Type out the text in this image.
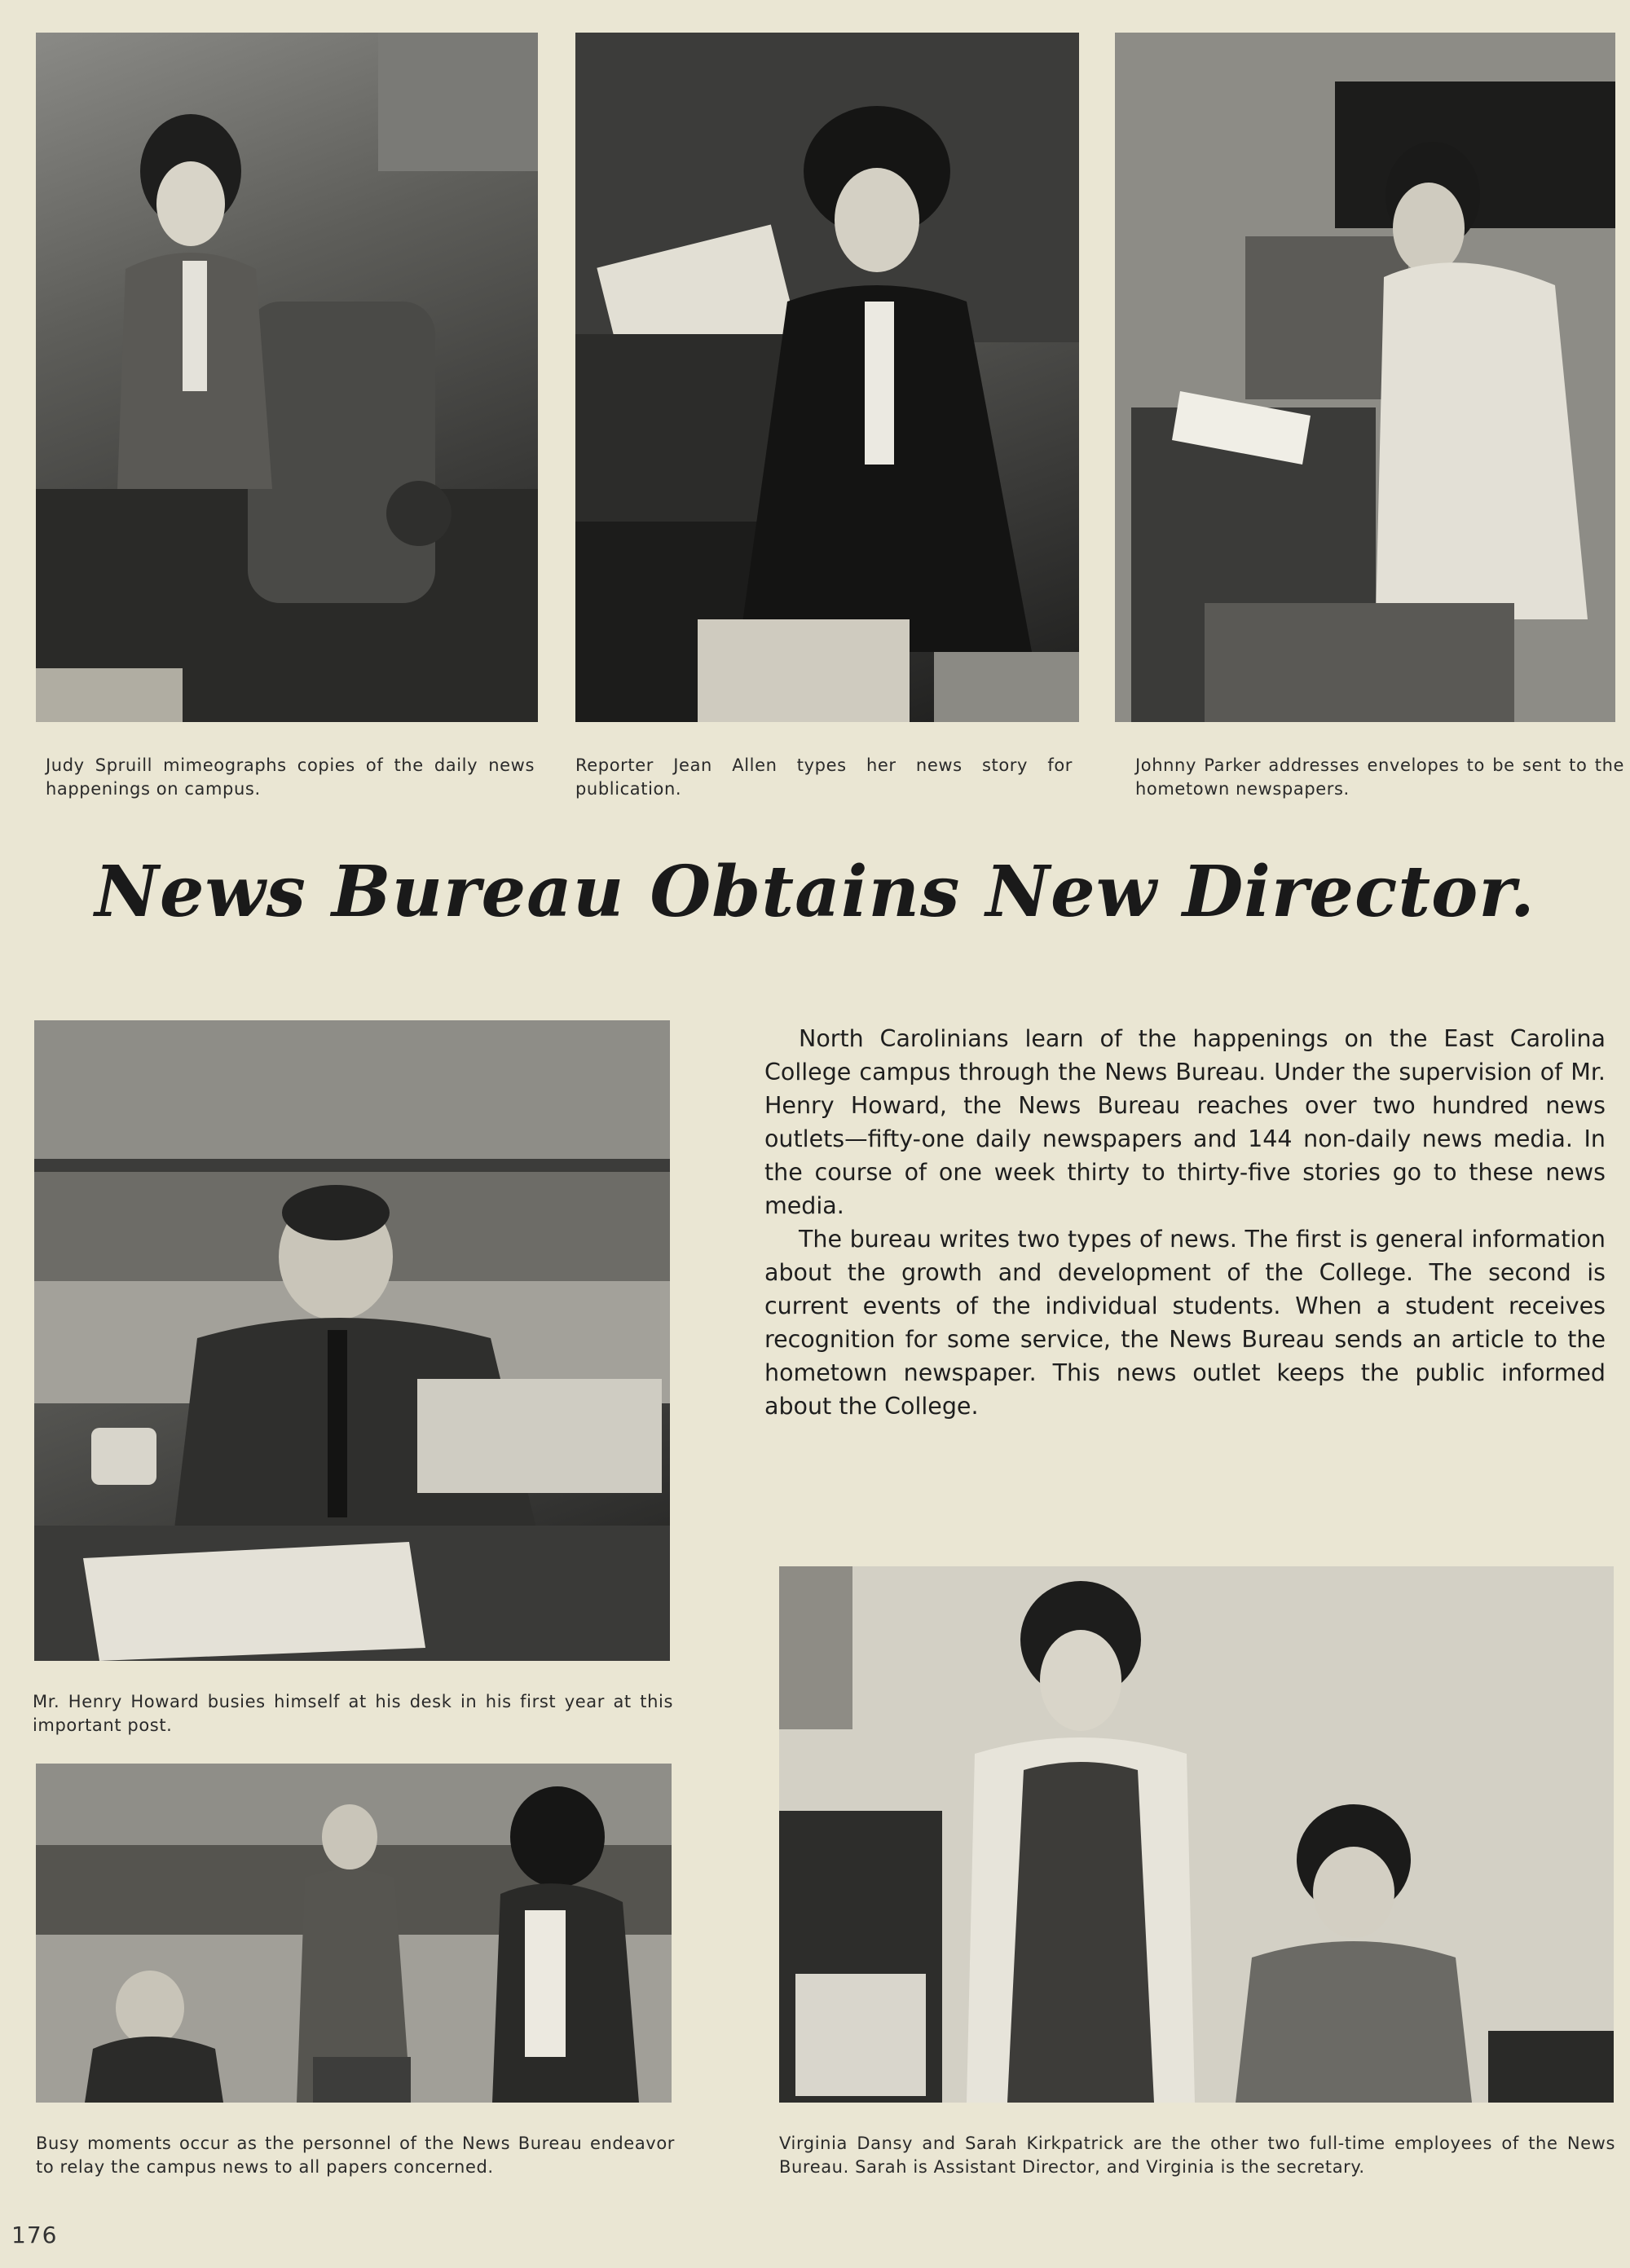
Judy Spruill mimeographs copies of the daily news happenings on campus.

Reporter Jean Allen types her news story for publication.

Johnny Parker addresses envelopes to be sent to the hometown newspapers.

News Bureau Obtains New Director.

Mr. Henry Howard busies himself at his desk in his first year at this important post.

North Carolinians learn of the happenings on the East Carolina College campus through the News Bureau. Under the supervision of Mr. Henry Howard, the News Bureau reaches over two hundred news outlets—fifty-one daily newspapers and 144 non-daily news media. In the course of one week thirty to thirty-five stories go to these news media.

The bureau writes two types of news. The first is general information about the growth and development of the College. The second is current events of the individual students. When a student receives recognition for some service, the News Bureau sends an article to the hometown newspaper. This news outlet keeps the public informed about the College.

Busy moments occur as the personnel of the News Bureau endeavor to relay the campus news to all papers concerned.

Virginia Dansy and Sarah Kirkpatrick are the other two full-time employees of the News Bureau. Sarah is Assistant Director, and Virginia is the secretary.

176
